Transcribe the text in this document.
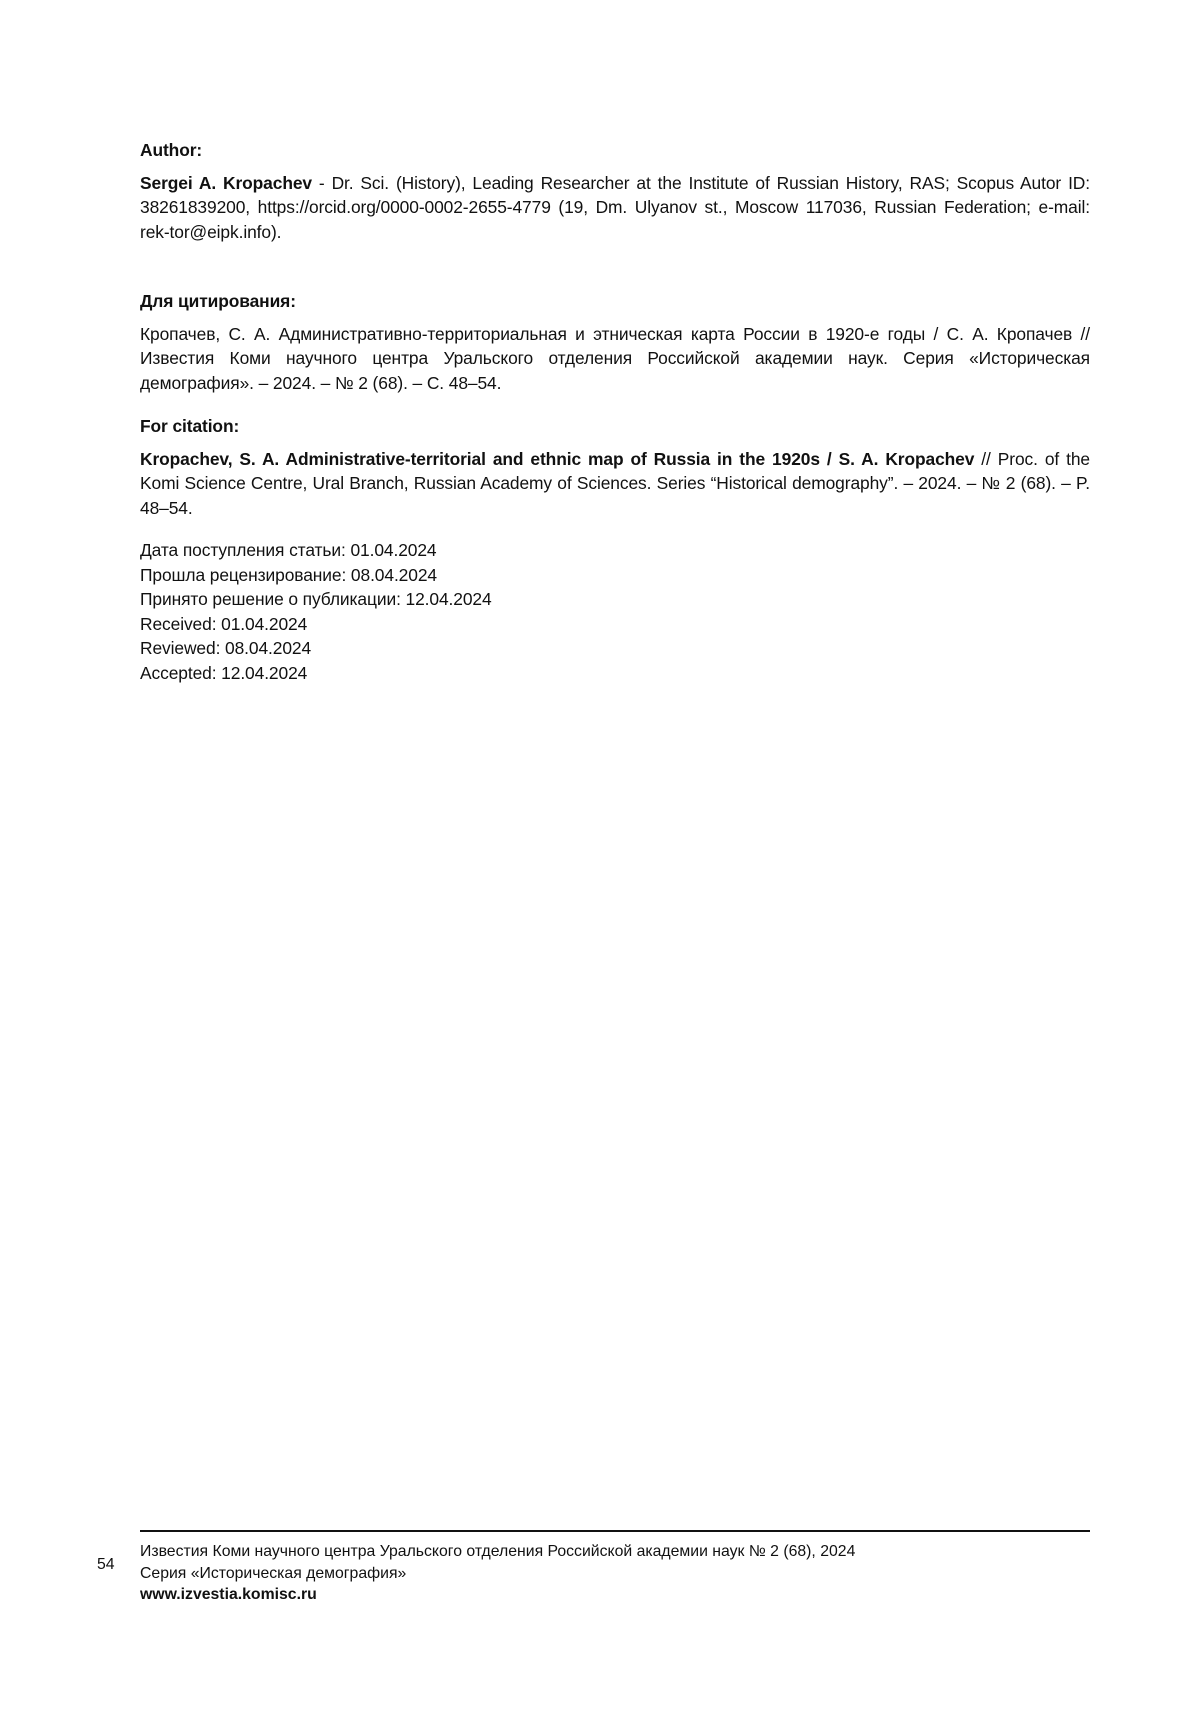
Author:

Sergei A. Kropachev - Dr. Sci. (History), Leading Researcher at the Institute of Russian History, RAS; Scopus Autor ID: 38261839200, https://orcid.org/0000-0002-2655-4779 (19, Dm. Ulyanov st., Moscow 117036, Russian Federation; e-mail: rek-tor@eipk.info).

Для цитирования:

Кропачев, С. А. Административно-территориальная и этническая карта России в 1920-е годы / С. А. Кропачев // Известия Коми научного центра Уральского отделения Российской академии наук. Серия «Историческая демография». – 2024. – № 2 (68). – С. 48–54.

For citation:

Kropachev, S. A. Administrative-territorial and ethnic map of Russia in the 1920s / S. A. Kropachev // Proc. of the Komi Science Centre, Ural Branch, Russian Academy of Sciences. Series “Historical demography”. – 2024. – № 2 (68). – P. 48–54.

Дата поступления статьи: 01.04.2024
Прошла рецензирование: 08.04.2024
Принято решение о публикации: 12.04.2024
Received: 01.04.2024
Reviewed: 08.04.2024
Accepted: 12.04.2024
54
Известия Коми научного центра Уральского отделения Российской академии наук № 2 (68), 2024
Серия «Историческая демография»
www.izvestia.komisc.ru
